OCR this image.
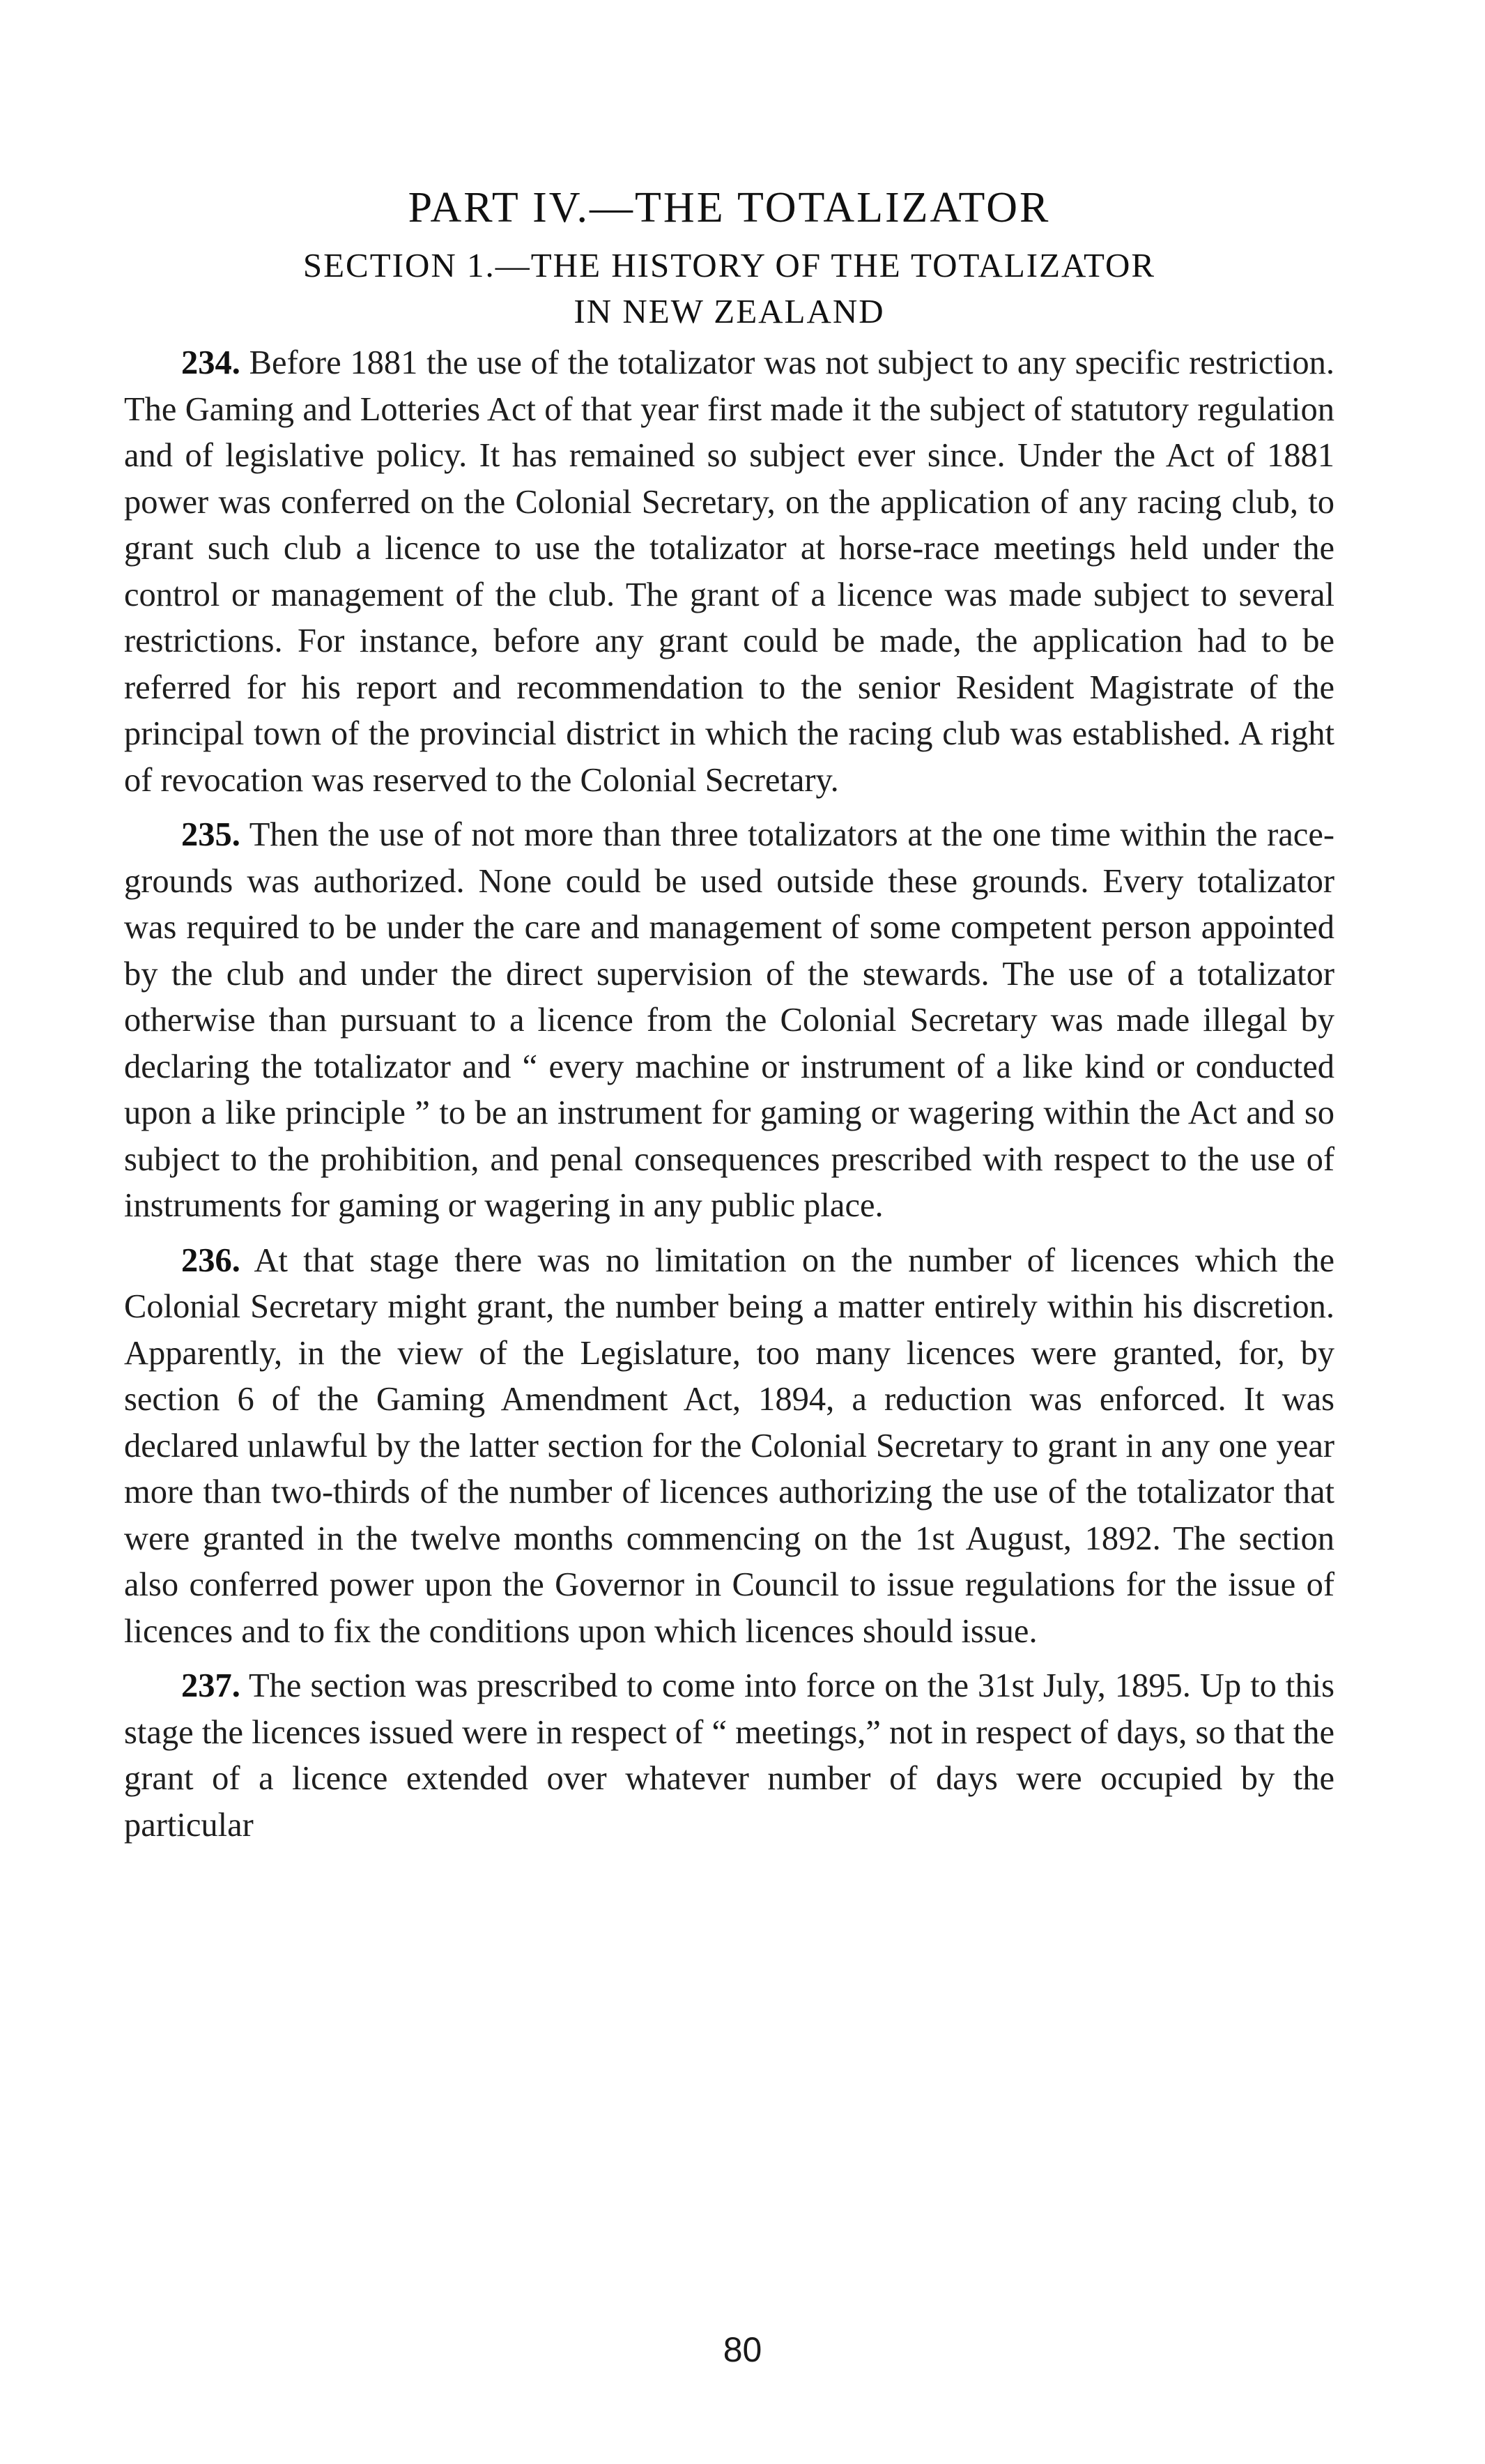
PART IV.—THE TOTALIZATOR
SECTION 1.—THE HISTORY OF THE TOTALIZATOR
IN NEW ZEALAND

234. Before 1881 the use of the totalizator was not subject to any specific restriction. The Gaming and Lotteries Act of that year first made it the subject of statutory regulation and of legislative policy. It has remained so subject ever since. Under the Act of 1881 power was conferred on the Colonial Secretary, on the application of any racing club, to grant such club a licence to use the totalizator at horse-race meetings held under the control or management of the club. The grant of a licence was made subject to several restrictions. For instance, before any grant could be made, the application had to be referred for his report and recommendation to the senior Resident Magistrate of the principal town of the provincial district in which the racing club was established. A right of revocation was reserved to the Colonial Secretary.

235. Then the use of not more than three totalizators at the one time within the race-grounds was authorized. None could be used outside these grounds. Every totalizator was required to be under the care and management of some competent person appointed by the club and under the direct supervision of the stewards. The use of a totalizator otherwise than pursuant to a licence from the Colonial Secretary was made illegal by declaring the totalizator and “ every machine or instrument of a like kind or conducted upon a like principle ” to be an instrument for gaming or wagering within the Act and so subject to the prohibition, and penal consequences prescribed with respect to the use of instruments for gaming or wagering in any public place.

236. At that stage there was no limitation on the number of licences which the Colonial Secretary might grant, the number being a matter entirely within his discretion. Apparently, in the view of the Legislature, too many licences were granted, for, by section 6 of the Gaming Amendment Act, 1894, a reduction was enforced. It was declared unlawful by the latter section for the Colonial Secretary to grant in any one year more than two-thirds of the number of licences authorizing the use of the totalizator that were granted in the twelve months commencing on the 1st August, 1892. The section also conferred power upon the Governor in Council to issue regulations for the issue of licences and to fix the conditions upon which licences should issue.

237. The section was prescribed to come into force on the 31st July, 1895. Up to this stage the licences issued were in respect of “ meetings,” not in respect of days, so that the grant of a licence extended over whatever number of days were occupied by the particular

80
